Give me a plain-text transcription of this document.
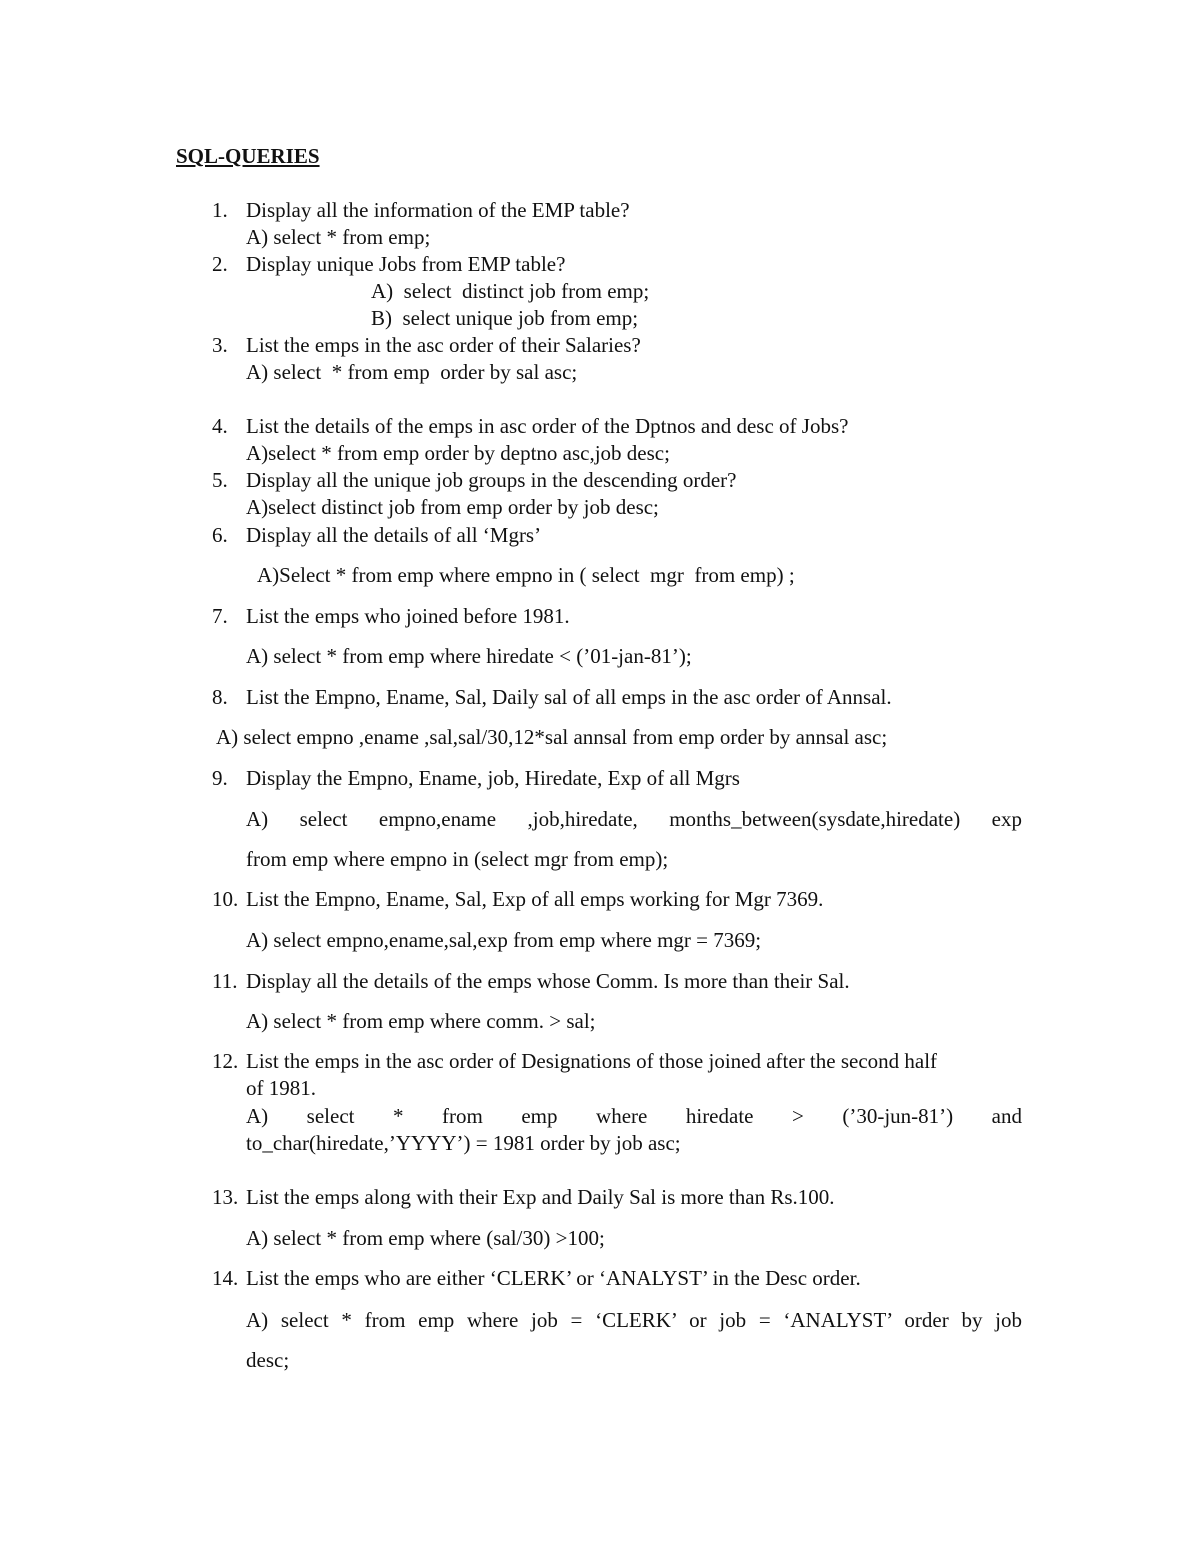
SQL-QUERIES
1. Display all the information of the EMP table?
A) select * from emp;
2. Display unique Jobs from EMP table?
A)  select  distinct job from emp;
B)  select unique job from emp;
3. List the emps in the asc order of their Salaries?
A) select  * from emp  order by sal asc;
4. List the details of the emps in asc order of the Dptnos and desc of Jobs?
A)select * from emp order by deptno asc,job desc;
5. Display all the unique job groups in the descending order?
A)select distinct job from emp order by job desc;
6. Display all the details of all ‘Mgrs’
A)Select * from emp where empno in ( select  mgr  from emp) ;
7. List the emps who joined before 1981.
A) select * from emp where hiredate < (’01-jan-81’);
8. List the Empno, Ename, Sal, Daily sal of all emps in the asc order of Annsal.
A) select empno ,ename ,sal,sal/30,12*sal annsal from emp order by annsal asc;
9. Display the Empno, Ename, job, Hiredate, Exp of all Mgrs
A) select empno,ename ,job,hiredate, months_between(sysdate,hiredate) exp
from emp where empno in (select mgr from emp);
10. List the Empno, Ename, Sal, Exp of all emps working for Mgr 7369.
A) select empno,ename,sal,exp from emp where mgr = 7369;
11. Display all the details of the emps whose Comm. Is more than their Sal.
A) select * from emp where comm. > sal;
12. List the emps in the asc order of Designations of those joined after the second half
of 1981.
A) select * from emp where hiredate > (’30-jun-81’) and
to_char(hiredate,’YYYY’) = 1981 order by job asc;
13. List the emps along with their Exp and Daily Sal is more than Rs.100.
A) select * from emp where (sal/30) >100;
14. List the emps who are either ‘CLERK’ or ‘ANALYST’ in the Desc order.
A) select * from emp where job = ‘CLERK’ or job = ‘ANALYST’ order by job
desc;
